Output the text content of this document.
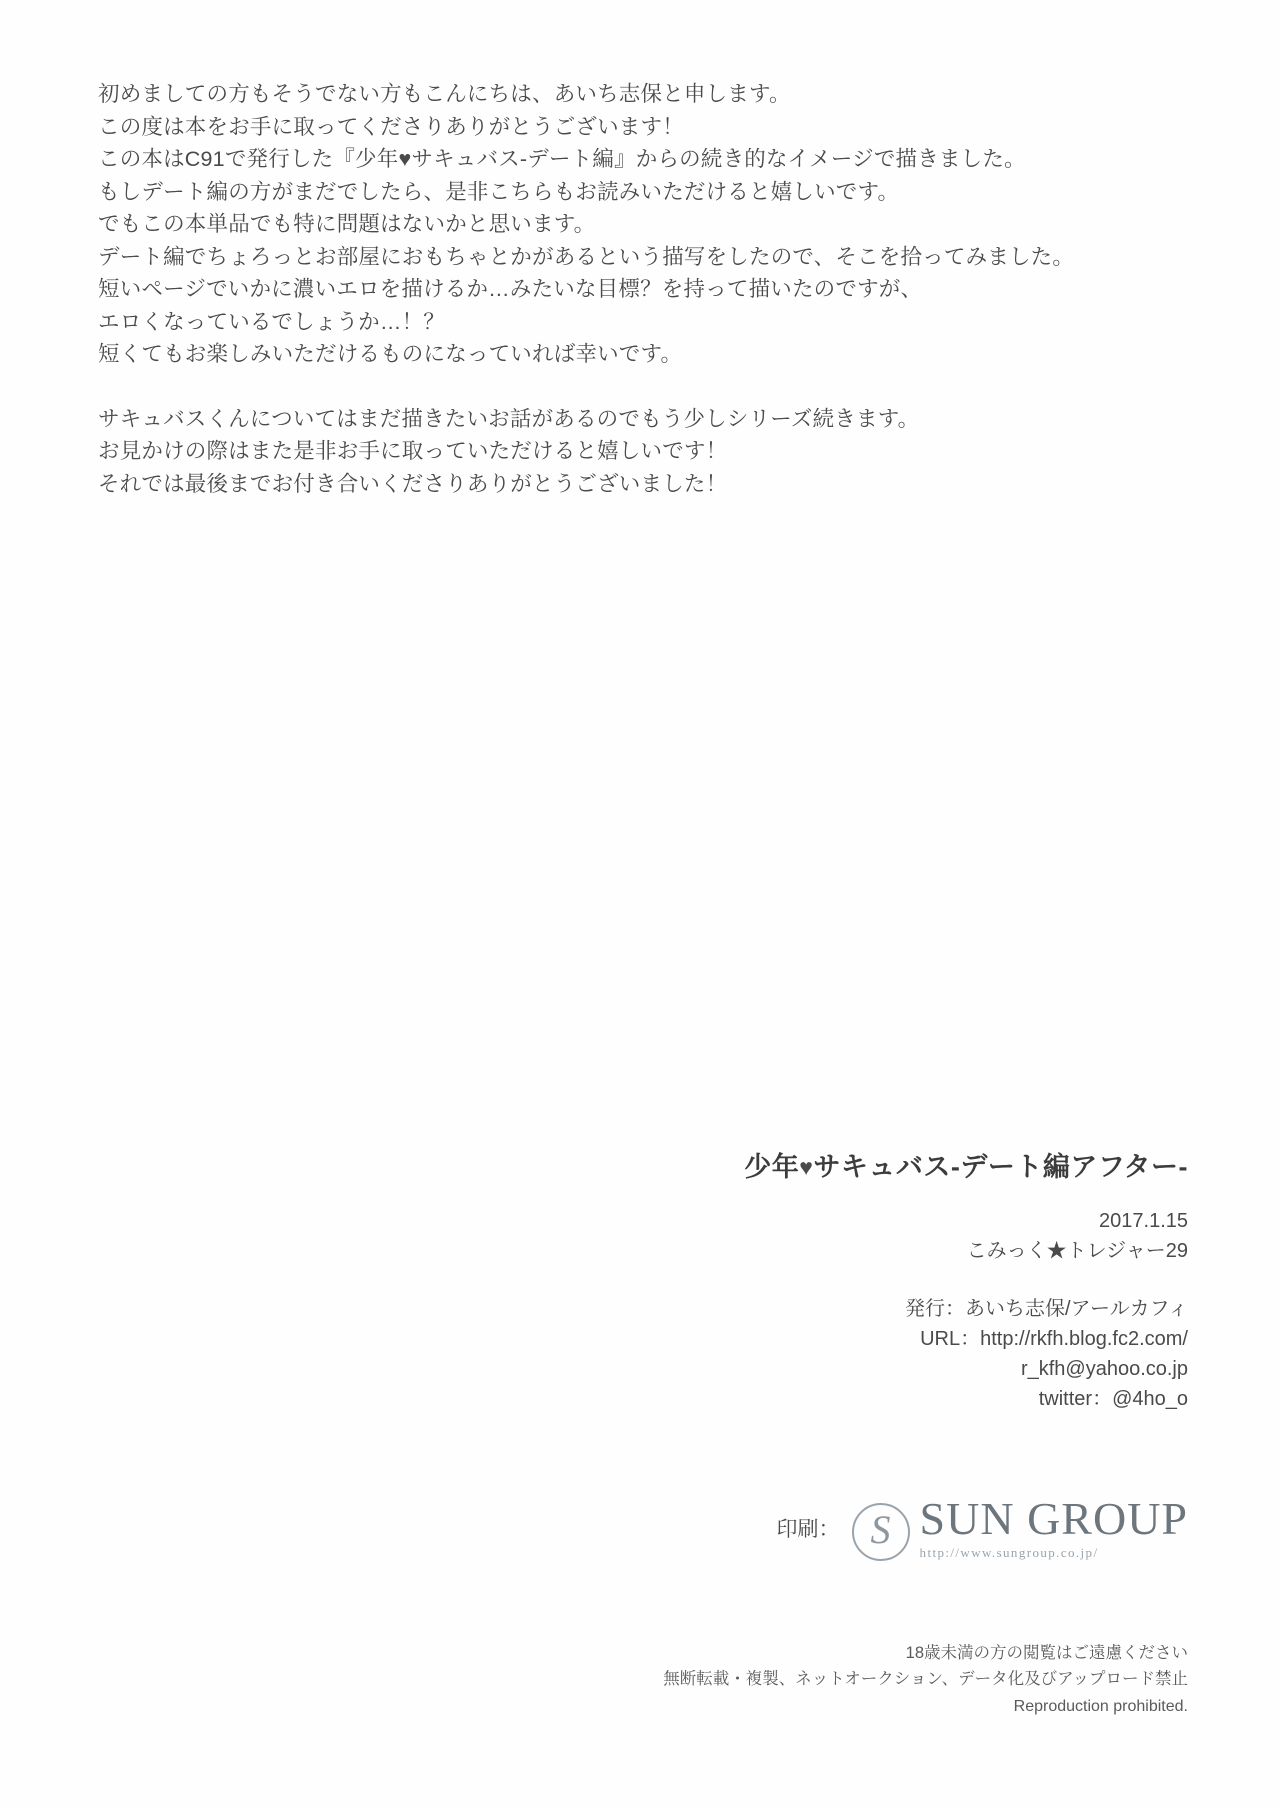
初めましての方もそうでない方もこんにちは、あいち志保と申します。

この度は本をお手に取ってくださりありがとうございます！

この本はC91で発行した『少年♥サキュバス-デート編』からの続き的なイメージで描きました。

もしデート編の方がまだでしたら、是非こちらもお読みいただけると嬉しいです。

でもこの本単品でも特に問題はないかと思います。

デート編でちょろっとお部屋におもちゃとかがあるという描写をしたので、そこを拾ってみました。

短いページでいかに濃いエロを描けるか…みたいな目標？を持って描いたのですが、

エロくなっているでしょうか…！？

短くてもお楽しみいただけるものになっていれば幸いです。

サキュバスくんについてはまだ描きたいお話があるのでもう少しシリーズ続きます。

お見かけの際はまた是非お手に取っていただけると嬉しいです！

それでは最後までお付き合いくださりありがとうございました！

少年♥サキュバス-デート編アフター-

2017.1.15

こみっく★トレジャー29

発行：あいち志保/アールカフィ

URL：http://rkfh.blog.fc2.com/

r_kfh@yahoo.co.jp

twitter：@4ho_o

印刷： S SUN GROUP
http://www.sungroup.co.jp/

18歳未満の方の閲覧はご遠慮ください

無断転載・複製、ネットオークション、データ化及びアップロード禁止

Reproduction prohibited.
